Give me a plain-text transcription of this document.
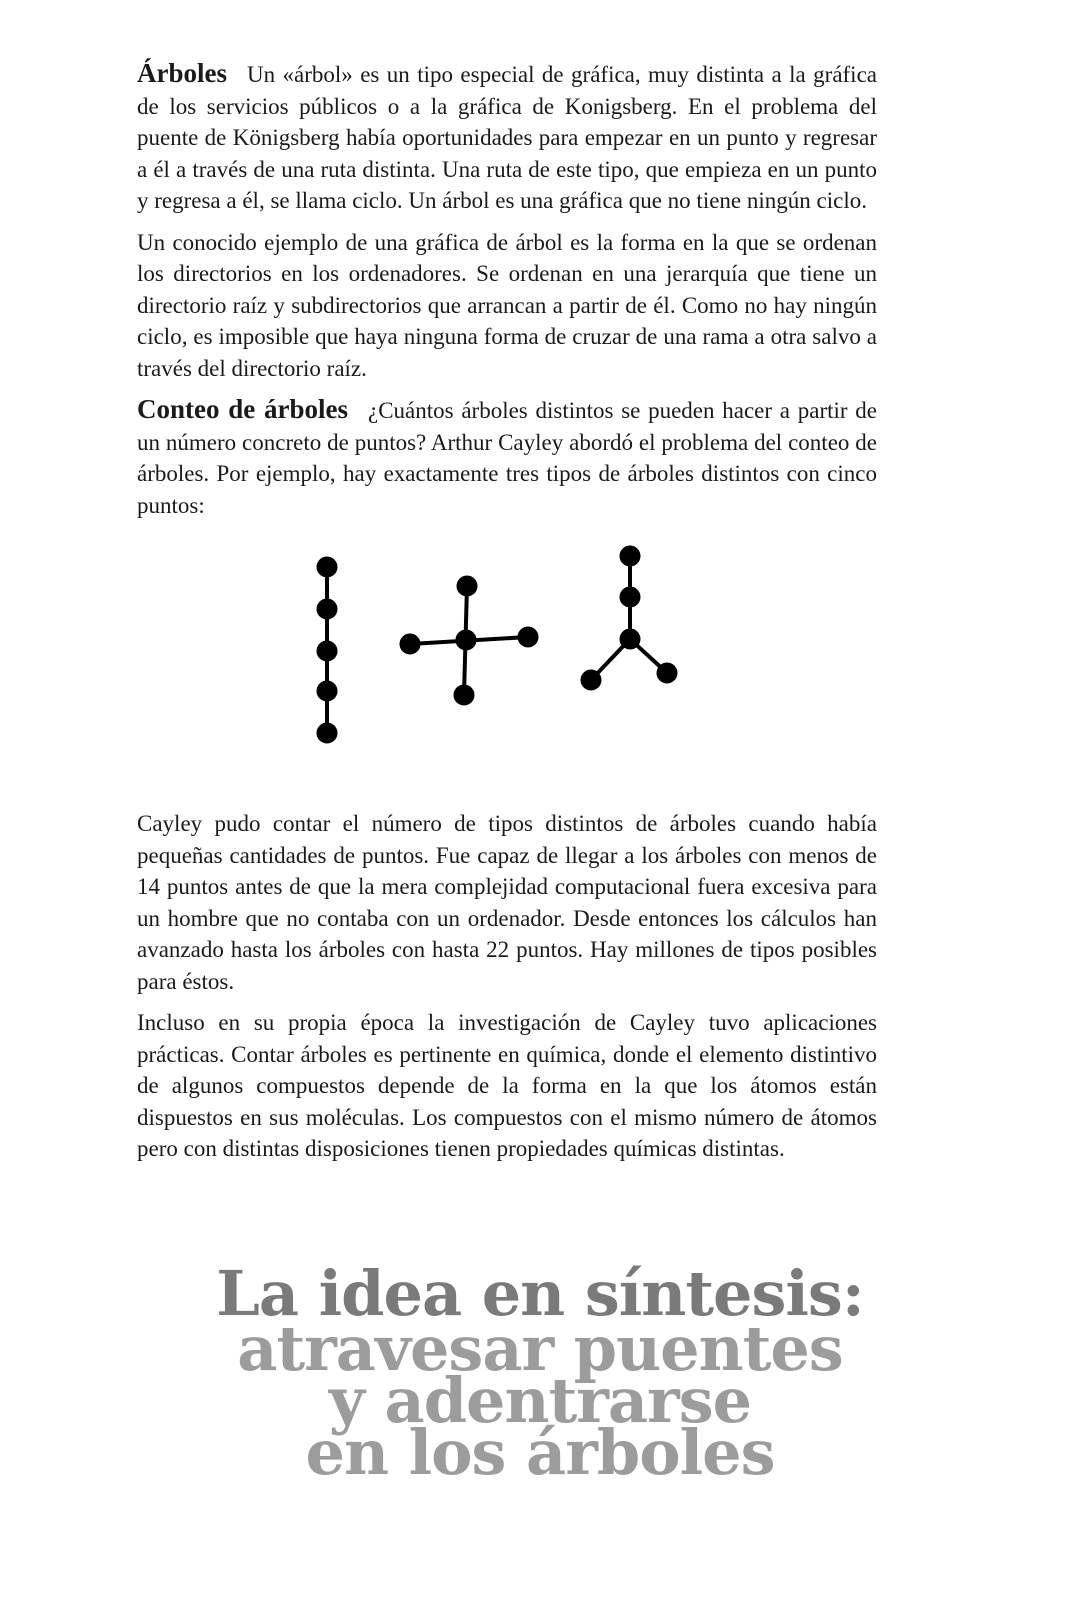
Árboles Un «árbol» es un tipo especial de gráfica, muy distinta a la gráfica de los servicios públicos o a la gráfica de Konigsberg. En el problema del puente de Königsberg había oportunidades para empezar en un punto y regresar a él a través de una ruta distinta. Una ruta de este tipo, que empieza en un punto y regresa a él, se llama ciclo. Un árbol es una gráfica que no tiene ningún ciclo.

Un conocido ejemplo de una gráfica de árbol es la forma en la que se ordenan los directorios en los ordenadores. Se ordenan en una jerarquía que tiene un directorio raíz y subdirectorios que arrancan a partir de él. Como no hay ningún ciclo, es imposible que haya ninguna forma de cruzar de una rama a otra salvo a través del directorio raíz.

Conteo de árboles ¿Cuántos árboles distintos se pueden hacer a partir de un número concreto de puntos? Arthur Cayley abordó el problema del conteo de árboles. Por ejemplo, hay exactamente tres tipos de árboles distintos con cinco puntos:

Cayley pudo contar el número de tipos distintos de árboles cuando había pequeñas cantidades de puntos. Fue capaz de llegar a los árboles con menos de 14 puntos antes de que la mera complejidad computacional fuera excesiva para un hombre que no contaba con un ordenador. Desde entonces los cálculos han avanzado hasta los árboles con hasta 22 puntos. Hay millones de tipos posibles para éstos.

Incluso en su propia época la investigación de Cayley tuvo aplicaciones prácticas. Contar árboles es pertinente en química, donde el elemento distintivo de algunos compuestos depende de la forma en la que los átomos están dispuestos en sus moléculas. Los compuestos con el mismo número de átomos pero con distintas disposiciones tienen propiedades químicas distintas.

La idea en síntesis:
atravesar puentes
y adentrarse
en los árboles
